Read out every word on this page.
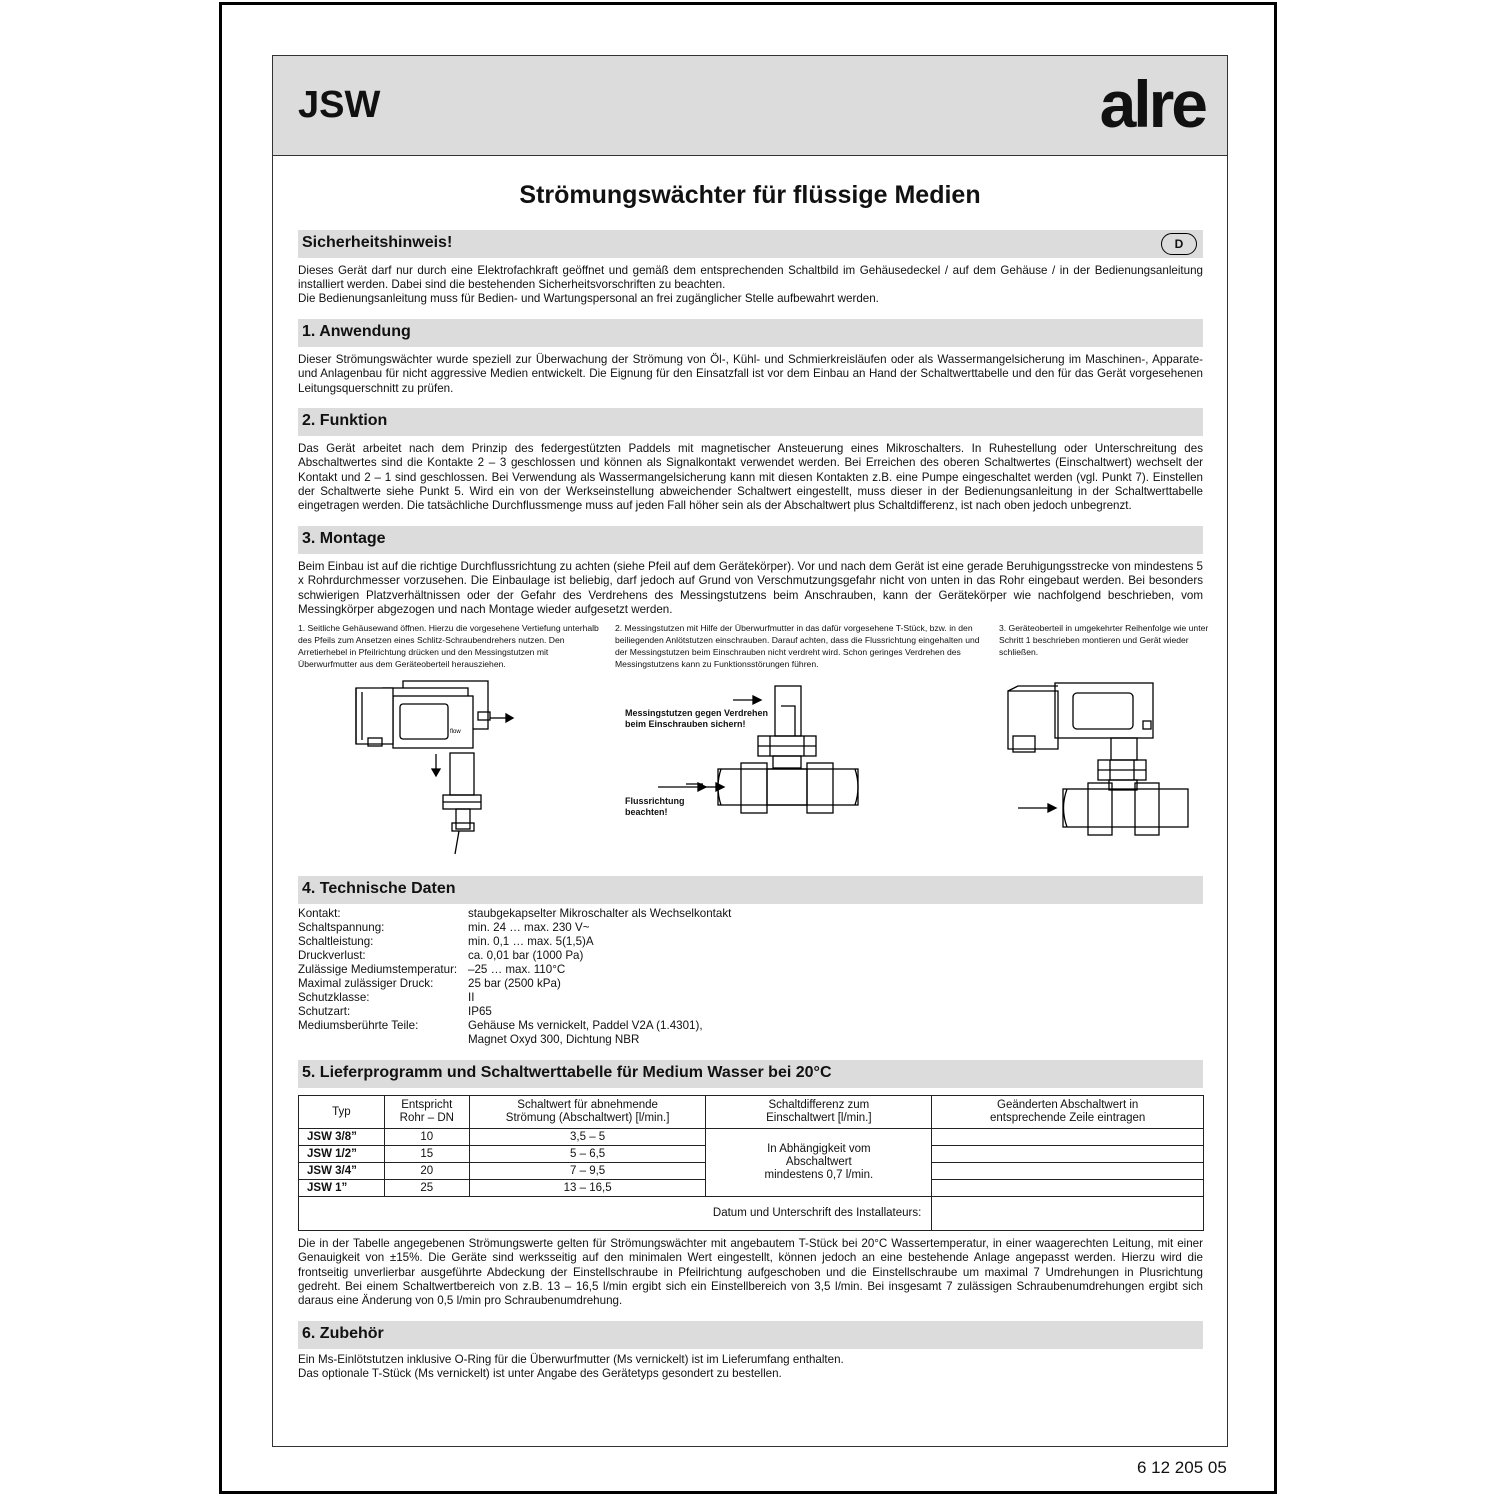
JSW	alre
Strömungswächter für flüssige Medien
Sicherheitshinweis!	D

Dieses Gerät darf nur durch eine Elektrofachkraft geöffnet und gemäß dem entsprechenden Schaltbild im Gehäusedeckel / auf dem Gehäuse / in der Bedienungsanleitung installiert werden. Dabei sind die bestehenden Sicherheitsvorschriften zu beachten.

Die Bedienungsanleitung muss für Bedien- und Wartungspersonal an frei zugänglicher Stelle aufbewahrt werden.

1. Anwendung

Dieser Strömungswächter wurde speziell zur Überwachung der Strömung von Öl-, Kühl- und Schmierkreisläufen oder als Wassermangelsicherung im Maschinen-, Apparate- und Anlagenbau für nicht aggressive Medien entwickelt. Die Eignung für den Einsatzfall ist vor dem Einbau an Hand der Schaltwerttabelle und den für das Gerät vorgesehenen Leitungsquerschnitt zu prüfen.

2. Funktion

Das Gerät arbeitet nach dem Prinzip des federgestützten Paddels mit magnetischer Ansteuerung eines Mikroschalters. In Ruhestellung oder Unterschreitung des Abschaltwertes sind die Kontakte 2 – 3 geschlossen und können als Signalkontakt verwendet werden. Bei Erreichen des oberen Schaltwertes (Einschaltwert) wechselt der Kontakt und 2 – 1 sind geschlossen. Bei Verwendung als Wassermangelsicherung kann mit diesen Kontakten z.B. eine Pumpe eingeschaltet werden (vgl. Punkt 7). Einstellen der Schaltwerte siehe Punkt 5. Wird ein von der Werkseinstellung abweichender Schaltwert eingestellt, muss dieser in der Bedienungsanleitung in der Schaltwerttabelle eingetragen werden. Die tatsächliche Durchflussmenge muss auf jeden Fall höher sein als der Abschaltwert plus Schaltdifferenz, ist nach oben jedoch unbegrenzt.

3. Montage

Beim Einbau ist auf die richtige Durchflussrichtung zu achten (siehe Pfeil auf dem Gerätekörper). Vor und nach dem Gerät ist eine gerade Beruhigungsstrecke von mindestens 5 x Rohrdurchmesser vorzusehen. Die Einbaulage ist beliebig, darf jedoch auf Grund von Verschmutzungsgefahr nicht von unten in das Rohr eingebaut werden. Bei besonders schwierigen Platzverhältnissen oder der Gefahr des Verdrehens des Messingstutzens beim Anschrauben, kann der Gerätekörper wie nachfolgend beschrieben, vom Messingkörper abgezogen und nach Montage wieder aufgesetzt werden.

1. Seitliche Gehäusewand öffnen. Hierzu die vorgesehene Vertiefung unterhalb des Pfeils zum Ansetzen eines Schlitz-Schraubendrehers nutzen. Den Arretierhebel in Pfeilrichtung drücken und den Messingstutzen mit Überwurfmutter aus dem Geräteoberteil herausziehen.

2. Messingstutzen mit Hilfe der Überwurfmutter in das dafür vorgesehene T-Stück, bzw. in den beiliegenden Anlötstutzen einschrauben. Darauf achten, dass die Flussrichtung eingehalten und der Messingstutzen beim Einschrauben nicht verdreht wird. Schon geringes Verdrehen des Messingstutzens kann zu Funktionsstörungen führen.

3. Geräteoberteil in umgekehrter Reihenfolge wie unter Schritt 1 beschrieben montieren und Gerät wieder schließen.

flow
Messingstutzen gegen Verdrehen beim Einschrauben sichern!
Flussrichtung beachten!
4. Technische Daten
Kontakt:	staubgekapselter Mikroschalter als Wechselkontakt
Schaltspannung:	min. 24 … max. 230 V~
Schaltleistung:	min. 0,1 … max. 5(1,5)A
Druckverlust:	ca. 0,01 bar (1000 Pa)
Zulässige Mediumstemperatur: –25 … max. 110°C
Maximal zulässiger Druck:	25 bar (2500 kPa)
Schutzklasse:	II
Schutzart:	IP65
Mediumsberührte Teile:	Gehäuse Ms vernickelt, Paddel V2A (1.4301),
Magnet Oxyd 300, Dichtung NBR
5. Lieferprogramm und Schaltwerttabelle für Medium Wasser bei 20°C
Typ	Entspricht Rohr – DN	Schaltwert für abnehmende Strömung (Abschaltwert) [l/min.]	Schaltdifferenz zum Einschaltwert [l/min.]	Geänderten Abschaltwert in entsprechende Zeile eintragen
JSW 3/8”	10	3,5 – 5	In Abhängigkeit vom Abschaltwert mindestens 0,7 l/min.	
JSW 1/2”	15	5 – 6,5		
JSW 3/4”	20	7 – 9,5		
JSW 1”	25	13 – 16,5		
Datum und Unterschrift des Installateurs:				

Die in der Tabelle angegebenen Strömungswerte gelten für Strömungswächter mit angebautem T-Stück bei 20°C Wassertemperatur, in einer waagerechten Leitung, mit einer Genauigkeit von ±15%. Die Geräte sind werksseitig auf den minimalen Wert eingestellt, können jedoch an eine bestehende Anlage angepasst werden. Hierzu wird die frontseitig unverlierbar ausgeführte Abdeckung der Einstellschraube in Pfeilrichtung aufgeschoben und die Einstellschraube um maximal 7 Umdrehungen in Plusrichtung gedreht. Bei einem Schaltwertbereich von z.B. 13 – 16,5 l/min ergibt sich ein Einstellbereich von 3,5 l/min. Bei insgesamt 7 zulässigen Schraubenumdrehungen ergibt sich daraus eine Änderung von 0,5 l/min pro Schraubenumdrehung.

6. Zubehör

Ein Ms-Einlötstutzen inklusive O-Ring für die Überwurfmutter (Ms vernickelt) ist im Lieferumfang enthalten.

Das optionale T-Stück (Ms vernickelt) ist unter Angabe des Gerätetyps gesondert zu bestellen.

6 12 205 05
